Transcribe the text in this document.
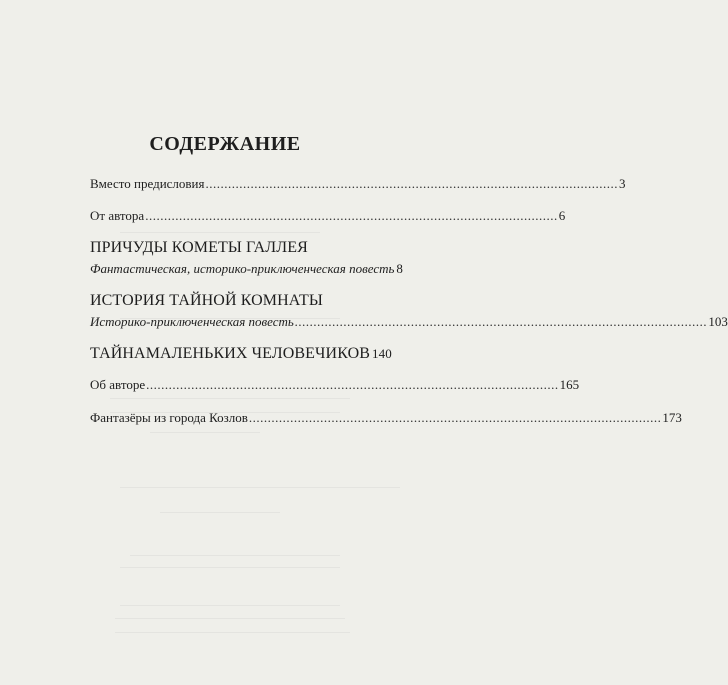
СОДЕРЖАНИЕ
Вместо предисловия .............................................................................................................. 3
От автора .............................................................................................................. 6
ПРИЧУДЫ КОМЕТЫ ГАЛЛЕЯ
Фантастическая, историко-приключенческая повесть 8
ИСТОРИЯ ТАЙНОЙ КОМНАТЫ
Историко-приключенческая повесть .............................................................................................................. 103
ТАЙНАМАЛЕНЬКИХ ЧЕЛОВЕЧИКОВ 140
Об авторе .............................................................................................................. 165
Фантазёры из города Козлов .............................................................................................................. 173
